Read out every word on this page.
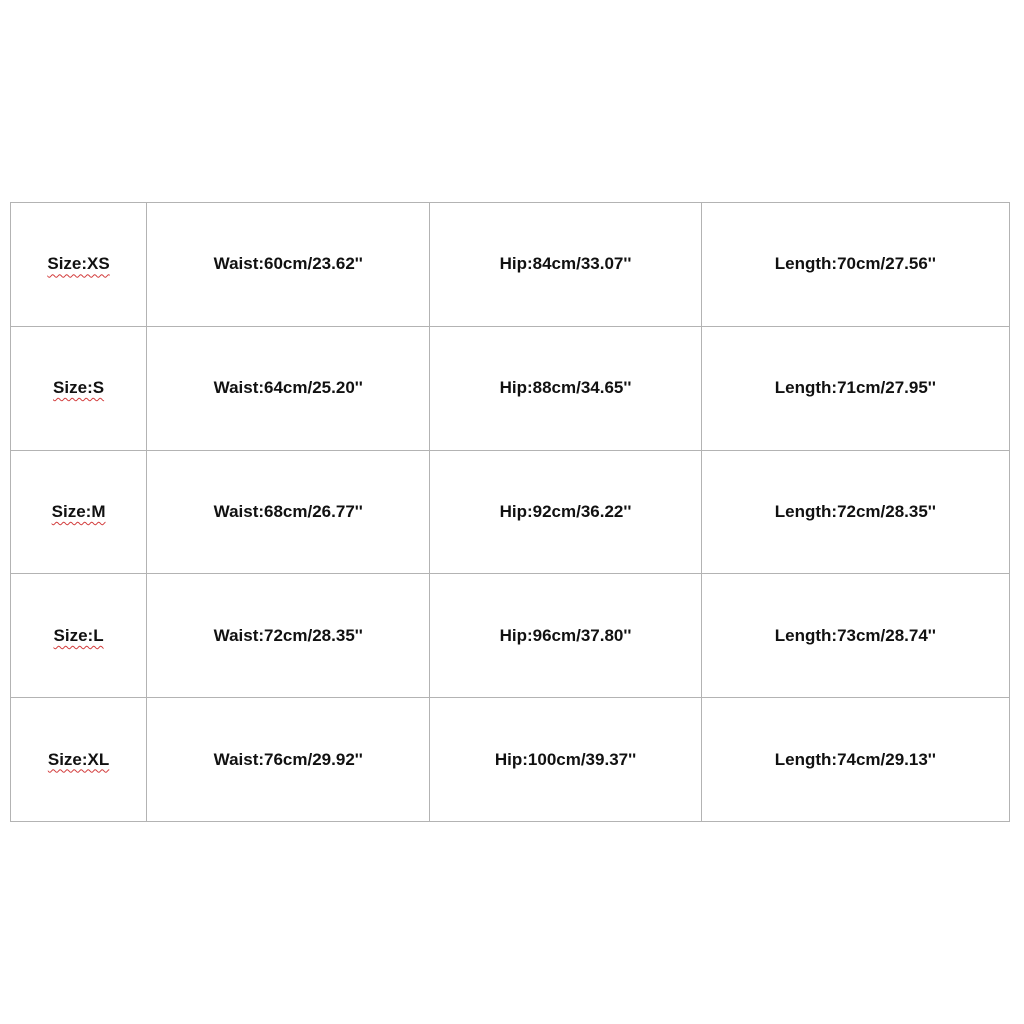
Size:XS	Waist:60cm/23.62''	Hip:84cm/33.07''	Length:70cm/27.56''
Size:S	Waist:64cm/25.20''	Hip:88cm/34.65''	Length:71cm/27.95''
Size:M	Waist:68cm/26.77''	Hip:92cm/36.22''	Length:72cm/28.35''
Size:L	Waist:72cm/28.35''	Hip:96cm/37.80''	Length:73cm/28.74''
Size:XL	Waist:76cm/29.92''	Hip:100cm/39.37''	Length:74cm/29.13''
